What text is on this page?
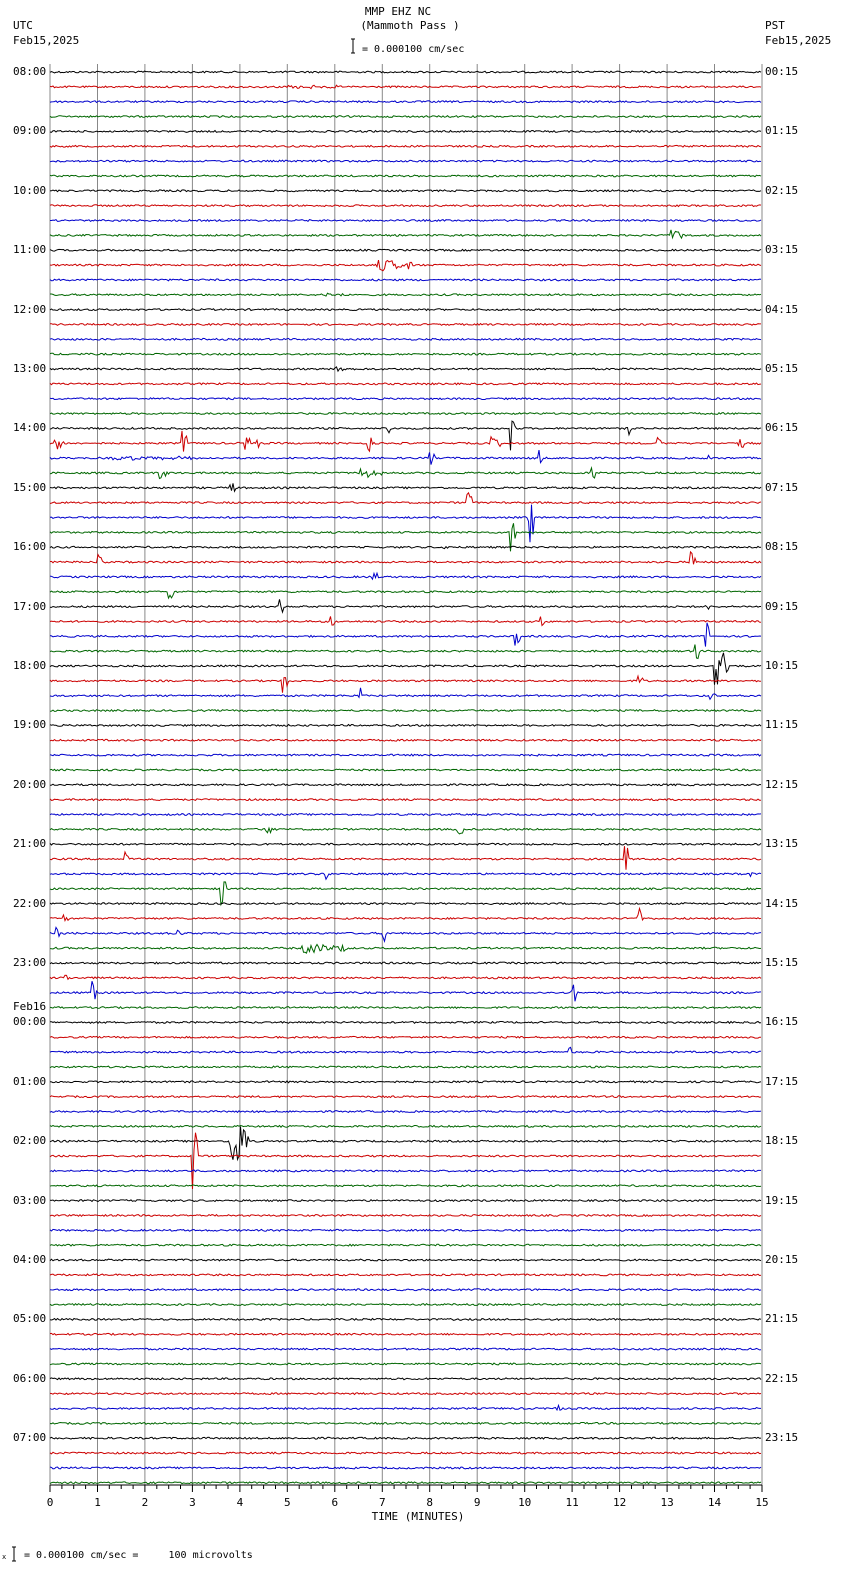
MMP EHZ NC
(Mammoth Pass )
= 0.000100 cm/sec
UTC
Feb15,2025
PST
Feb15,2025
08:00
09:00
10:00
11:00
12:00
13:00
14:00
15:00
16:00
17:00
18:00
19:00
20:00
21:00
22:00
23:00
00:00
01:00
02:00
03:00
04:00
05:00
06:00
07:00
00:15
01:15
02:15
03:15
04:15
05:15
06:15
07:15
08:15
09:15
10:15
11:15
12:15
13:15
14:15
15:15
16:15
17:15
18:15
19:15
20:15
21:15
22:15
23:15
0	1	2	3	4	5	6	7	8	9	10	11	12	13	14	15
Feb16
TIME (MINUTES)
x = 0.000100 cm/sec =     100 microvolts
